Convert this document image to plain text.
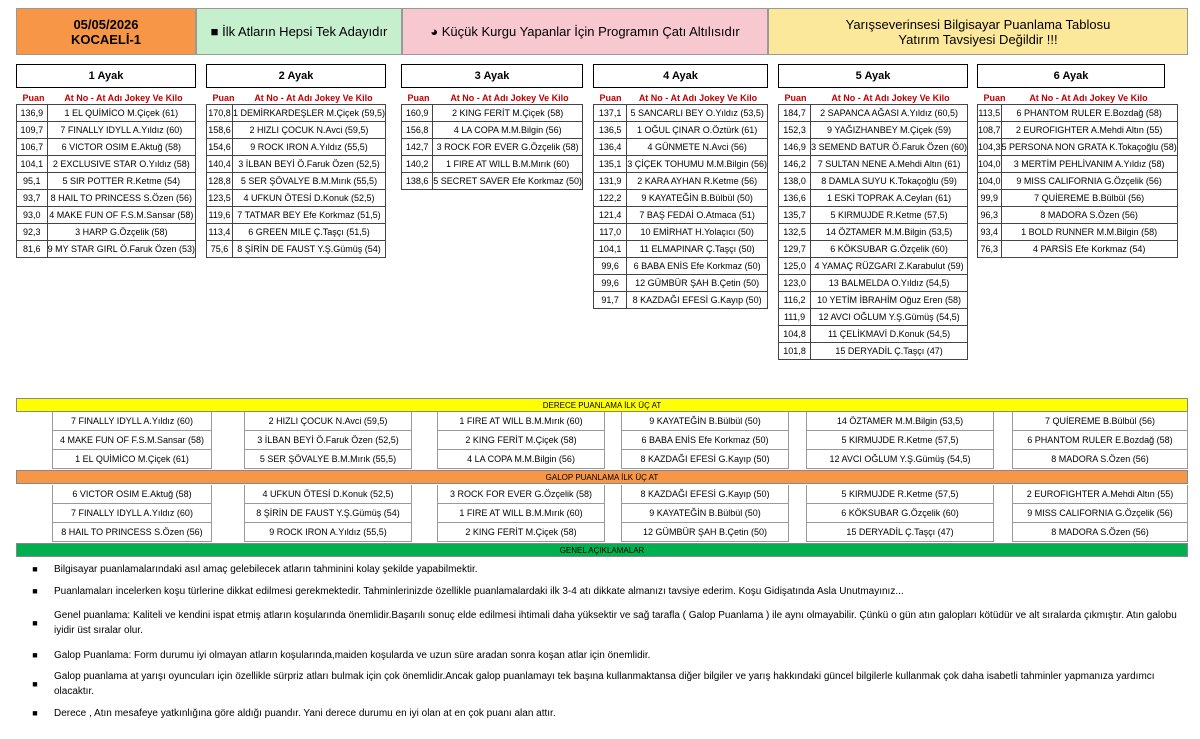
05/05/2026
KOCAELİ-1	■ İlk Atların Hepsi Tek Adayıdır	◕ Küçük Kurgu Yapanlar İçin Programın Çatı Altılısıdır	Yarışseverinsesi Bilgisayar Puanlama Tablosu
Yatırım Tavsiyesi Değildir !!!
1 Ayak
Puan	At No - At Adı Jokey Ve Kilo
136,9	1 EL QUİMİCO M.Çiçek (61)
109,7	7 FINALLY IDYLL A.Yıldız (60)
106,7	6 VICTOR OSIM E.Aktuğ (58)
104,1	2 EXCLUSIVE STAR O.Yıldız (58)
95,1	5 SIR POTTER R.Ketme (54)
93,7	8 HAIL TO PRINCESS S.Özen (56)
93,0	4 MAKE FUN OF F.S.M.Sansar (58)
92,3	3 HARP G.Özçelik (58)
81,6	9 MY STAR GIRL Ö.Faruk Özen (53)
2 Ayak
Puan	At No - At Adı Jokey Ve Kilo
170,8	1 DEMİRKARDEŞLER M.Çiçek (59,5)
158,6	2 HIZLI ÇOCUK N.Avci (59,5)
154,6	9 ROCK IRON A.Yıldız (55,5)
140,4	3 İLBAN BEYİ Ö.Faruk Özen (52,5)
128,8	5 SER ŞÖVALYE B.M.Mırık (55,5)
123,5	4 UFKUN ÖTESİ D.Konuk (52,5)
119,6	7 TATMAR BEY Efe Korkmaz (51,5)
113,4	6 GREEN MILE Ç.Taşçı (51,5)
75,6	8 ŞİRİN DE FAUST Y.Ş.Gümüş (54)
3 Ayak
Puan	At No - At Adı Jokey Ve Kilo
160,9	2 KING FERİT M.Çiçek (58)
156,8	4 LA COPA M.M.Bilgin (56)
142,7	3 ROCK FOR EVER G.Özçelik (58)
140,2	1 FIRE AT WILL B.M.Mırık (60)
138,6	5 SECRET SAVER Efe Korkmaz (50)
4 Ayak
Puan	At No - At Adı Jokey Ve Kilo
137,1	5 SANCARLI BEY O.Yıldız (53,5)
136,5	1 OĞUL ÇINAR O.Öztürk (61)
136,4	4 GÜNMETE N.Avci (56)
135,1	3 ÇİÇEK TOHUMU M.M.Bilgin (56)
131,9	2 KARA AYHAN R.Ketme (56)
122,2	9 KAYATEĞİN B.Bülbül (50)
121,4	7 BAŞ FEDAİ O.Atmaca (51)
117,0	10 EMİRHAT H.Yolaçıcı (50)
104,1	11 ELMAPINAR Ç.Taşçı (50)
99,6	6 BABA ENİS Efe Korkmaz (50)
99,6	12 GÜMBÜR ŞAH B.Çetin (50)
91,7	8 KAZDAĞI EFESİ G.Kayıp (50)
5 Ayak
Puan	At No - At Adı Jokey Ve Kilo
184,7	2 SAPANCA AĞASI A.Yıldız (60,5)
152,3	9 YAĞIZHANBEY M.Çiçek (59)
146,9	3 SEMEND BATUR Ö.Faruk Özen (60)
146,2	7 SULTAN NENE A.Mehdi Altın (61)
138,0	8 DAMLA SUYU K.Tokaçoğlu (59)
136,6	1 ESKİ TOPRAK A.Ceylan (61)
135,7	5 KIRMUJDE R.Ketme (57,5)
132,5	14 ÖZTAMER M.M.Bilgin (53,5)
129,7	6 KÖKSUBAR G.Özçelik (60)
125,0	4 YAMAÇ RÜZGARI Z.Karabulut (59)
123,0	13 BALMELDA O.Yıldız (54,5)
116,2	10 YETİM İBRAHİM Oğuz Eren (58)
111,9	12 AVCI OĞLUM Y.Ş.Gümüş (54,5)
104,8	11 ÇELİKMAVİ D.Konuk (54,5)
101,8	15 DERYADİL Ç.Taşçı (47)
6 Ayak
Puan	At No - At Adı Jokey Ve Kilo
113,5	6 PHANTOM RULER E.Bozdağ (58)
108,7	2 EUROFIGHTER A.Mehdi Altın (55)
104,3	5 PERSONA NON GRATA K.Tokaçoğlu (58)
104,0	3 MERTİM PEHLİVANIM A.Yıldız (58)
104,0	9 MISS CALIFORNIA G.Özçelik (56)
99,9	7 QUİEREME B.Bülbül (56)
96,3	8 MADORA S.Özen (56)
93,4	1 BOLD RUNNER M.M.Bilgin (58)
76,3	4 PARSİS Efe Korkmaz (54)
DERECE PUANLAMA İLK ÜÇ AT
7 FINALLY IDYLL A.Yıldız (60)	2 HIZLI ÇOCUK N.Avci (59,5)	1 FIRE AT WILL B.M.Mırık (60)	9 KAYATEĞİN B.Bülbül (50)	14 ÖZTAMER M.M.Bilgin (53,5)	7 QUİEREME B.Bülbül (56)
4 MAKE FUN OF F.S.M.Sansar (58)	3 İLBAN BEYİ Ö.Faruk Özen (52,5)	2 KING FERİT M.Çiçek (58)	6 BABA ENİS Efe Korkmaz (50)	5 KIRMUJDE R.Ketme (57,5)	6 PHANTOM RULER E.Bozdağ (58)
1 EL QUİMİCO M.Çiçek (61)	5 SER ŞÖVALYE B.M.Mırık (55,5)	4 LA COPA M.M.Bilgin (56)	8 KAZDAĞI EFESİ G.Kayıp (50)	12 AVCI OĞLUM Y.Ş.Gümüş (54,5)	8 MADORA S.Özen (56)
GALOP PUANLAMA İLK ÜÇ AT
6 VICTOR OSIM E.Aktuğ (58)	4 UFKUN ÖTESİ D.Konuk (52,5)	3 ROCK FOR EVER G.Özçelik (58)	8 KAZDAĞI EFESİ G.Kayıp (50)	5 KIRMUJDE R.Ketme (57,5)	2 EUROFIGHTER A.Mehdi Altın (55)
7 FINALLY IDYLL A.Yıldız (60)	8 ŞİRİN DE FAUST Y.Ş.Gümüş (54)	1 FIRE AT WILL B.M.Mırık (60)	9 KAYATEĞİN B.Bülbül (50)	6 KÖKSUBAR G.Özçelik (60)	9 MISS CALIFORNIA G.Özçelik (56)
8 HAIL TO PRINCESS S.Özen (56)	9 ROCK IRON A.Yıldız (55,5)	2 KING FERİT M.Çiçek (58)	12 GÜMBÜR ŞAH B.Çetin (50)	15 DERYADİL Ç.Taşçı (47)	8 MADORA S.Özen (56)
GENEL AÇIKLAMALAR
■	Bilgisayar puanlamalarındaki asıl amaç gelebilecek atların tahminini kolay şekilde yapabilmektir.
■	Puanlamaları incelerken koşu türlerine dikkat edilmesi gerekmektedir. Tahminlerinizde özellikle puanlamalardaki ilk 3-4 atı dikkate almanızı tavsiye ederim. Koşu Gidişatında Asla Unutmayınız...
■
Genel puanlama: Kaliteli ve kendini ispat etmiş atların koşularında önemlidir.Başarılı sonuç elde edilmesi ihtimali daha yüksektir ve sağ tarafla ( Galop Puanlama ) ile aynı olmayabilir. Çünkü o gün atın galopları kötüdür ve alt sıralarda çıkmıştır. Atın galobu iyidir üst sıralar olur.
■	Galop Puanlama: Form durumu iyi olmayan atların koşularında,maiden koşularda ve uzun süre aradan sonra koşan atlar için önemlidir.
■
Galop puanlama at yarışı oyuncuları için özellikle sürpriz atları bulmak için çok önemlidir.Ancak galop puanlamayı tek başına kullanmaktansa diğer bilgiler ve yarış hakkındaki güncel bilgilerle kullanmak çok daha isabetli tahminler yapmanıza yardımcı olacaktır.
■	Derece , Atın mesafeye yatkınlığına göre aldığı puandır. Yani derece durumu en iyi olan at en çok puanı alan attır.
